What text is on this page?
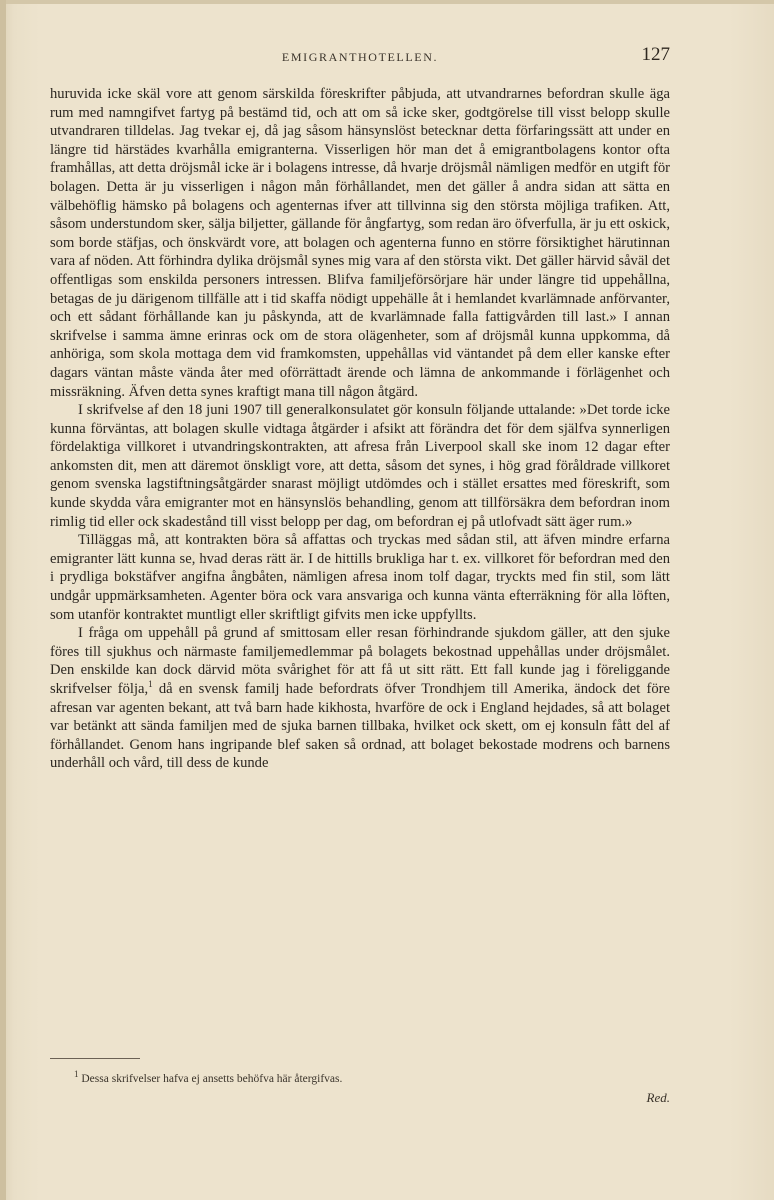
EMIGRANTHOTELLEN.	127

huruvida icke skäl vore att genom särskilda föreskrifter påbjuda, att utvandrarnes befordran skulle äga rum med namngifvet fartyg på bestämd tid, och att om så icke sker, godtgörelse till visst belopp skulle utvandraren tilldelas. Jag tvekar ej, då jag såsom hänsynslöst betecknar detta förfaringssätt att under en längre tid härstädes kvarhålla emigranterna. Visserligen hör man det å emigrantbolagens kontor ofta framhållas, att detta dröjsmål icke är i bolagens intresse, då hvarje dröjsmål nämligen medför en utgift för bolagen. Detta är ju visserligen i någon mån förhållandet, men det gäller å andra sidan att sätta en välbehöflig hämsko på bolagens och agenternas ifver att tillvinna sig den största möjliga trafiken. Att, såsom understundom sker, sälja biljetter, gällande för ångfartyg, som redan äro öfverfulla, är ju ett oskick, som borde stäfjas, och önskvärdt vore, att bolagen och agenterna funno en större försiktighet härutinnan vara af nöden. Att förhindra dylika dröjsmål synes mig vara af den största vikt. Det gäller härvid såväl det offentligas som enskilda personers intressen. Blifva familjeförsörjare här under längre tid uppehållna, betagas de ju därigenom tillfälle att i tid skaffa nödigt uppehälle åt i hemlandet kvarlämnade anförvanter, och ett sådant förhållande kan ju påskynda, att de kvarlämnade falla fattigvården till last.» I annan skrifvelse i samma ämne erinras ock om de stora olägenheter, som af dröjsmål kunna uppkomma, då anhöriga, som skola mottaga dem vid framkomsten, uppehållas vid väntandet på dem eller kanske efter dagars väntan måste vända åter med oförrättadt ärende och lämna de ankommande i förlägenhet och missräkning. Äfven detta synes kraftigt mana till någon åtgärd.

I skrifvelse af den 18 juni 1907 till generalkonsulatet gör konsuln följande uttalande: »Det torde icke kunna förväntas, att bolagen skulle vidtaga åtgärder i afsikt att förändra det för dem själfva synnerligen fördelaktiga villkoret i utvandringskontrakten, att afresa från Liverpool skall ske inom 12 dagar efter ankomsten dit, men att däremot önskligt vore, att detta, såsom det synes, i hög grad föråldrade villkoret genom svenska lagstiftningsåtgärder snarast möjligt utdömdes och i stället ersattes med föreskrift, som kunde skydda våra emigranter mot en hänsynslös behandling, genom att tillförsäkra dem befordran inom rimlig tid eller ock skadestånd till visst belopp per dag, om befordran ej på utlofvadt sätt äger rum.»

Tilläggas må, att kontrakten böra så affattas och tryckas med sådan stil, att äfven mindre erfarna emigranter lätt kunna se, hvad deras rätt är. I de hittills brukliga har t. ex. villkoret för befordran med den i prydliga bokstäfver angifna ångbåten, nämligen afresa inom tolf dagar, tryckts med fin stil, som lätt undgår uppmärksamheten. Agenter böra ock vara ansvariga och kunna vänta efterräkning för alla löften, som utanför kontraktet muntligt eller skriftligt gifvits men icke uppfyllts.

I fråga om uppehåll på grund af smittosam eller resan förhindrande sjukdom gäller, att den sjuke föres till sjukhus och närmaste familjemedlemmar på bolagets bekostnad uppehållas under dröjsmålet. Den enskilde kan dock därvid möta svårighet för att få ut sitt rätt. Ett fall kunde jag i föreliggande skrifvelser följa,$^1$ då en svensk familj hade befordrats öfver Trondhjem till Amerika, ändock det före afresan var agenten bekant, att två barn hade kikhosta, hvarföre de ock i England hejdades, så att bolaget var betänkt att sända familjen med de sjuka barnen tillbaka, hvilket ock skett, om ej konsuln fått del af förhållandet. Genom hans ingripande blef saken så ordnad, att bolaget bekostade modrens och barnens underhåll och vård, till dess de kunde

$^1$ Dessa skrifvelser hafva ej ansetts behöfva här återgifvas.
Red.
